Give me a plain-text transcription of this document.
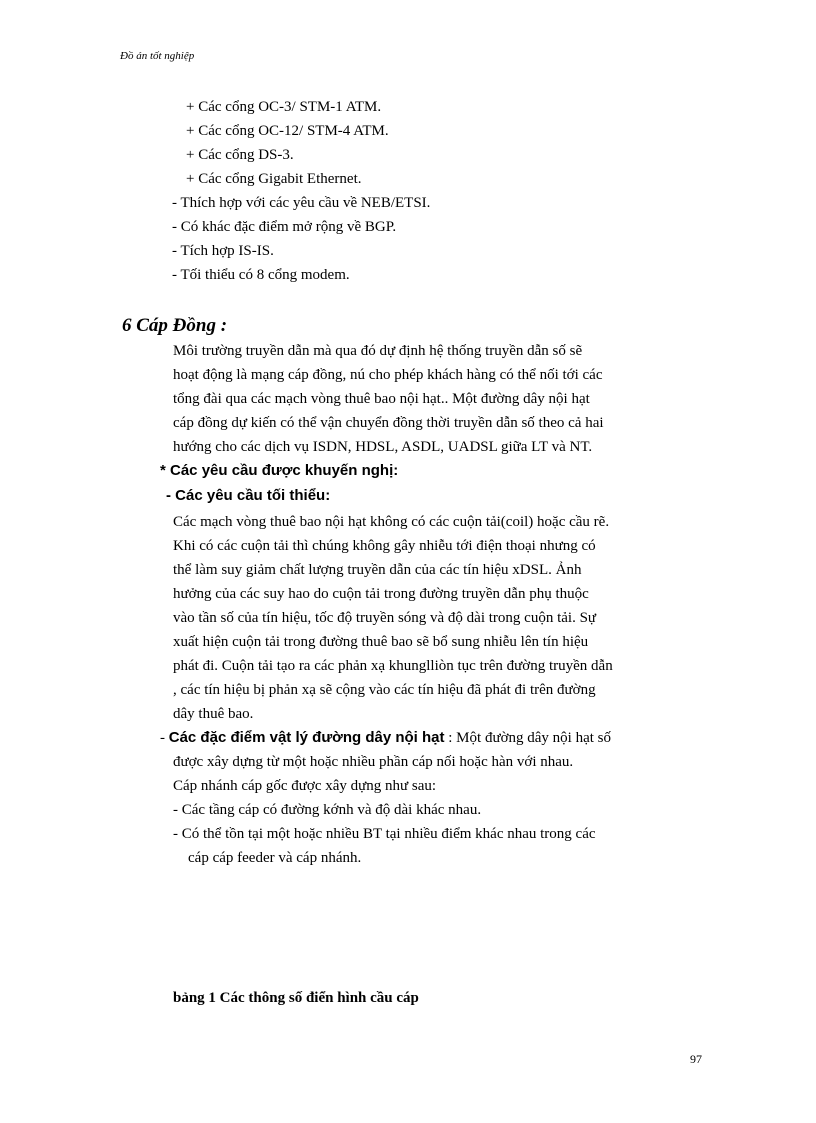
Đồ án tốt nghiệp
+ Các cổng OC-3/ STM-1 ATM.
+ Các cổng OC-12/ STM-4 ATM.
+ Các cổng DS-3.
+ Các cổng Gigabit Ethernet.
- Thích hợp với các yêu cầu về NEB/ETSI.
- Có khác đặc điểm mở rộng về BGP.
- Tích hợp IS-IS.
- Tối thiểu có 8 cổng modem.
6 Cáp Đồng :
Môi trường truyền dẫn mà qua đó dự định hệ thống truyền dẫn số sẽ
hoạt động là mạng cáp đồng, nú cho phép khách hàng có thể nối tới các
tổng đài qua các mạch vòng thuê bao nội hạt.. Một đường dây nội hạt
cáp đồng dự kiến có thể vận chuyển đồng thời truyền dẫn số theo cả hai
hướng cho các dịch vụ ISDN, HDSL, ASDL, UADSL giữa LT và NT.
* Các yêu cầu được khuyến nghị:
- Các yêu cầu tối thiểu:
Các mạch vòng thuê bao nội hạt không có các cuộn tải(coil) hoặc cầu rẽ.
Khi có các cuộn tải thì chúng không gây nhiễu tới điện thoại nhưng có
thể làm suy giảm chất lượng truyền dẫn của các tín hiệu xDSL. Ảnh
hưởng của các suy hao do cuộn tải trong đường truyền dẫn phụ thuộc
vào tần số của tín hiệu, tốc độ truyền sóng và độ dài trong cuộn tải. Sự
xuất hiện cuộn tải trong đường thuê bao sẽ bổ sung nhiễu lên tín hiệu
phát đi. Cuộn tải tạo ra các phản xạ khunglliòn tục trên đường truyền dẫn
, các tín hiệu bị phản xạ sẽ cộng vào các tín hiệu đã phát đi trên đường
dây thuê bao.
- Các đặc điểm vật lý đường dây nội hạt : Một đường dây nội hạt số
được xây dựng từ một hoặc nhiều phần cáp nối hoặc hàn với nhau.
Cáp nhánh cáp gốc được xây dựng như sau:
- Các tầng cáp có đường kớnh và độ dài khác nhau.
- Có thể tồn tại một hoặc nhiều BT tại nhiều điểm khác nhau trong các
cáp cáp feeder và cáp nhánh.
bảng 1 Các thông số điển hình cầu cáp
97
